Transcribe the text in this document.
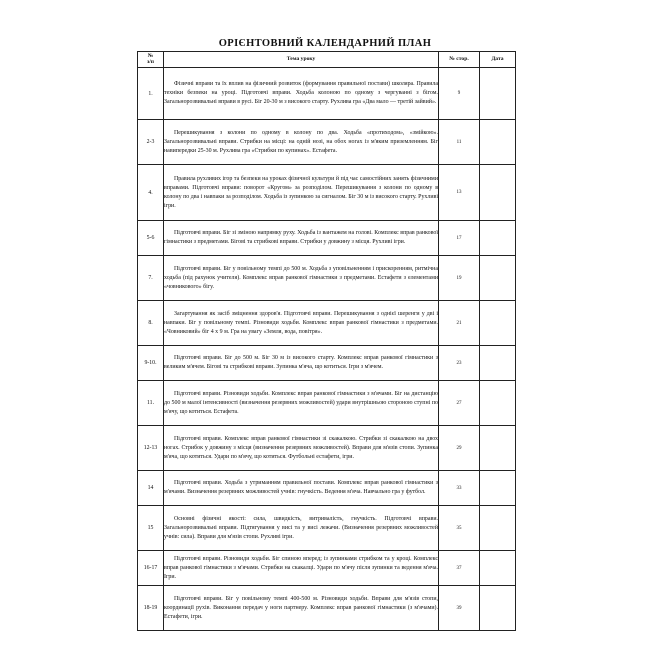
ОРІЄНТОВНИЙ КАЛЕНДАРНИЙ ПЛАН
№
з/п	Тема уроку	№ стор.	Дата
1.	Фізичні вправи та їх вплив на фізичний розвиток (формування правильної постави) школяра. Правила техніки безпеки на уроці. Підготовчі вправи. Ходьба колоною по одному з чергуванні з бігом. Загальнорозвивальні вправи в русі. Біг 20-30 м з високого старту. Рухлива гра «Два мало — третій зайвий».	9	
2-3	Перешикування з колони по одному в колону по два. Ходьба «протиходом», «змійкою». Загальнорозвивальні вправи. Стрибки на місці: на одній нозі, на обох ногах із м'яким приземленням. Біг навипередки 25-30 м. Рухлива гра «Стрибки по купинах». Естафета.	11	
4.	Правила рухливих ігор та безпеки на уроках фізичної культури й під час самостійних занять фізичними вправами. Підготовчі вправи: поворот «Кругом» за розподілом. Перешикування з колони по одному в колону по два і навпаки за розподілом. Ходьба із зупинкою за сигналом. Біг 30 м із високого старту. Рухливі ігри.	13	
5-6	Підготовчі вправи. Біг зі зміною напрямку руху. Ходьба із вантажем на голові. Комплекс вправ ранкової гімнастики з предметами. Бігові та стрибкові вправи. Стрибки у довжину з місця. Рухливі ігри.	17	
7.	Підготовчі вправи. Біг у повільному темпі до 500 м. Ходьба з уповільненням і прискоренням, ритмічна ходьба (під рахунок учителя). Комплекс вправ ранкової гімнастики з предметами. Естафети з елементами «човникового» бігу.	19	
8.	Загартування як засіб зміцнення здоров'я. Підготовчі вправи. Перешикування з однієї шеренги у дві і навпаки. Біг у повільному темпі. Різновиди ходьби. Комплекс вправ ранкової гімнастики з предметами. «Човниковий» біг 4 х 9 м. Гра на увагу «Земля, вода, повітря».	21	
9-10.	Підготовчі вправи. Біг до 500 м. Біг 30 м із високого старту. Комплекс вправ ранкової гімнастики з великим м'ячем. Бігові та стрибкові вправи. Зупинка м'яча, що котиться. Ігри з м'ячем.	23	
11.	Підготовчі вправи. Різновиди ходьби. Комплекс вправ ранкової гімнастики з м'ячами. Біг на дистанцію до 500 м малої інтенсивності (визначення резервних можливостей) удари внутрішньою стороною ступні по м'ячу, що котиться. Естафета.	27	
12-13	Підготовчі вправи. Комплекс вправ ранкової гімнастики зі скакалкою. Стрибки зі скакалкою на двох ногах. Стрибок у довжину з місця (визначення резервних можливостей). Вправи для м'язів стопи. Зупинка м'яча, що котиться. Удари по м'ячу, що котиться. Футбольні естафети, ігри.	29	
14	Підготовчі вправи. Ходьба з утриманням правильної постави. Комплекс вправ ранкової гімнастики з м'ячами. Визначення резервних можливостей учнів: гнучкість. Ведення м'яча. Навчально гра у футбол.	33	
15	Основні фізичні якості: сила, швидкість, витривалість, гнучкість. Підготовчі вправи. Загальнорозвивальні вправи. Підтягування у висі та у висі лежачи. (Визначення резервних можливостей учнів: сила). Вправи для м'язів стопи. Рухливі ігри.	35	
16-17	Підготовчі вправи. Різновиди ходьби. Біг спиною вперед; із зупинками стрибком та у кроці. Комплекс вправ ранкової гімнастики з м'ячами. Стрибки на скакалці. Удари по м'ячу після зупинки та ведення м'яча. Ігри.	37	
18-19	Підготовчі вправи. Біг у повільному темпі 400-500 м. Різновиди ходьби. Вправи для м'язів стопи, координації рухів. Виконання передач у ноги партнеру. Комплекс вправ ранкової гімнастики (з м'ячами). Естафети, ігри.	39	
